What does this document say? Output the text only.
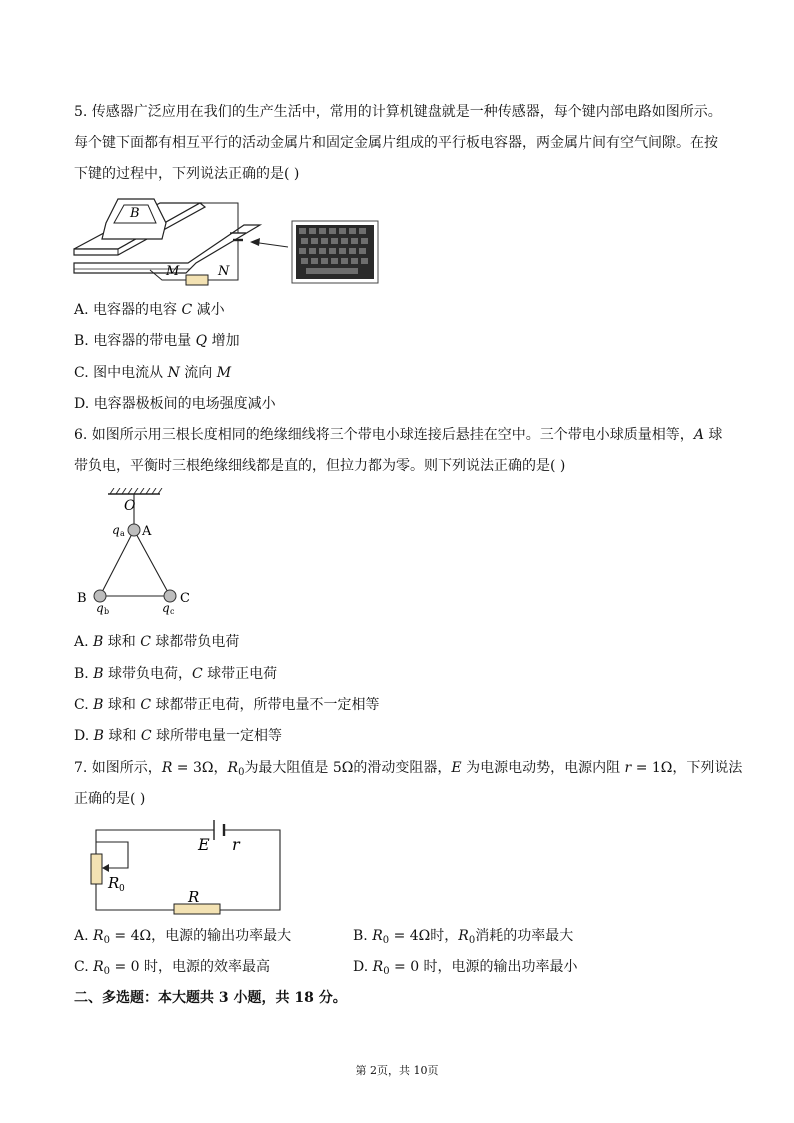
5. 传感器广泛应用在我们的生产生活中，常用的计算机键盘就是一种传感器，每个键内部电路如图所示。
每个键下面都有相互平行的活动金属片和固定金属片组成的平行板电容器，两金属片间有空气间隙。在按
下键的过程中，下列说法正确的是( )
B
M	N
A. 电容器的电容 C 减小
B. 电容器的带电量 Q 增加
C. 图中电流从 N 流向 M
D. 电容器极板间的电场强度减小
6. 如图所示用三根长度相同的绝缘细线将三个带电小球连接后悬挂在空中。三个带电小球质量相等，A 球
带负电，平衡时三根绝缘细线都是直的，但拉力都为零。则下列说法正确的是( )
O
A
q a
B
q b
C
q c
A. B 球和 C 球都带负电荷
B. B 球带负电荷，C 球带正电荷
C. B 球和 C 球都带正电荷，所带电量不一定相等
D. B 球和 C 球所带电量一定相等
7. 如图所示，R = 3Ω，$R_0$为最大阻值是 5Ω的滑动变阻器，E 为电源电动势，电源内阻 r = 1Ω，下列说法
正确的是( )
E r
R
R 0
A. $R_0 = 4\Omega$，电源的输出功率最大	B. $R_0 = 4\Omega$时，$R_0$消耗的功率最大
C. $R_0 = 0$ 时，电源的效率最高	D. $R_0 = 0$ 时，电源的输出功率最小
二、多选题：本大题共 3 小题，共 18 分。
第 2页，共 10页
